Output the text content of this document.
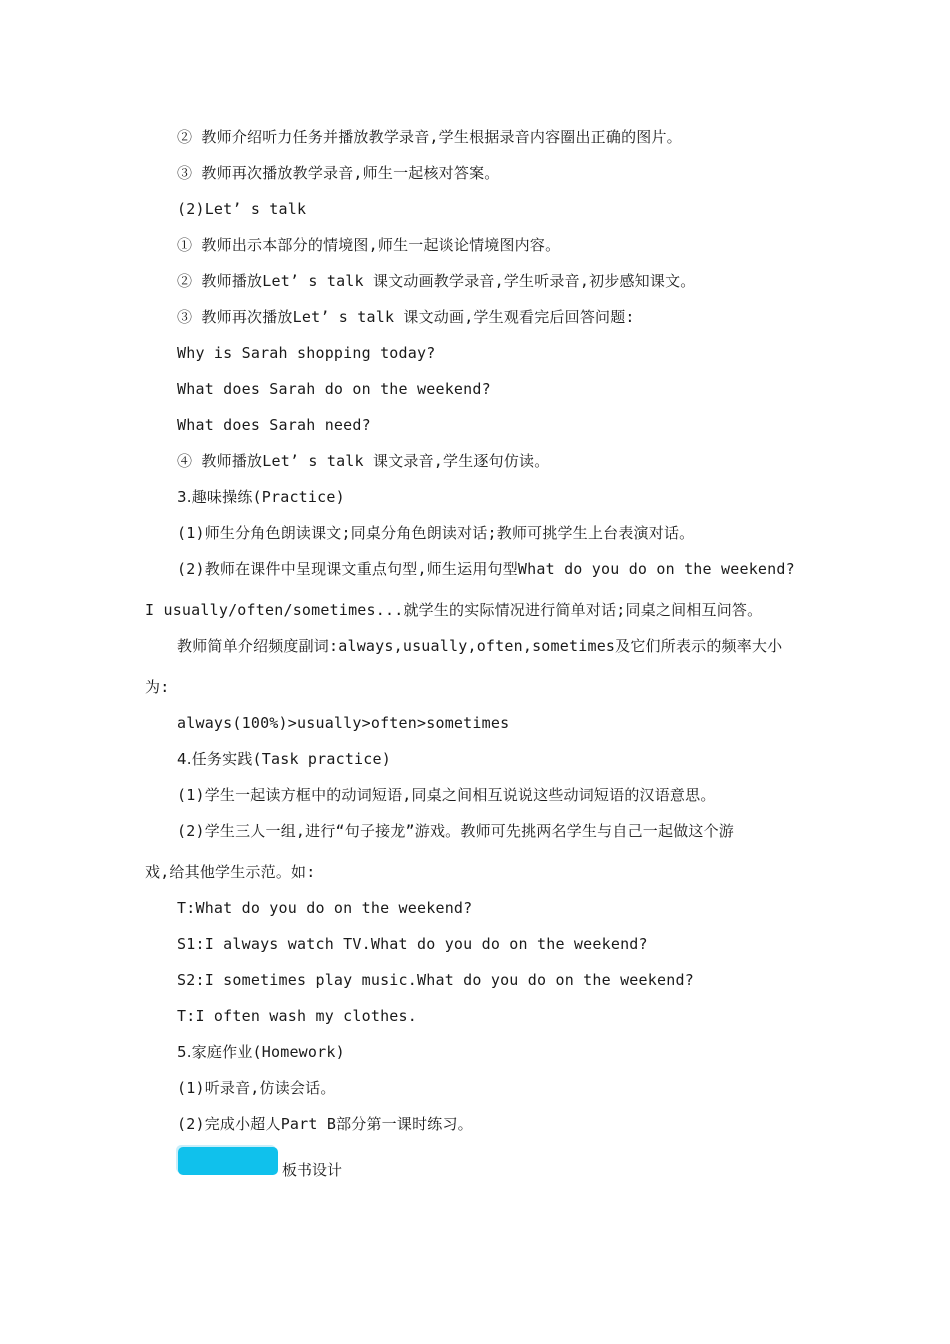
② 教师介绍听力任务并播放教学录音,学生根据录音内容圈出正确的图片。
③ 教师再次播放教学录音,师生一起核对答案。
(2)Let’ s talk
① 教师出示本部分的情境图,师生一起谈论情境图内容。
② 教师播放Let’ s talk 课文动画教学录音,学生听录音,初步感知课文。
③ 教师再次播放Let’ s talk 课文动画,学生观看完后回答问题:
Why is Sarah shopping today?
What does Sarah do on the weekend?
What does Sarah need?
④ 教师播放Let’ s talk 课文录音,学生逐句仿读。
3.趣味操练(Practice)
(1)师生分角色朗读课文;同桌分角色朗读对话;教师可挑学生上台表演对话。
(2)教师在课件中呈现课文重点句型,师生运用句型What do you do on the weekend?
I usually/often/sometimes...就学生的实际情况进行简单对话;同桌之间相互问答。
教师简单介绍频度副词:always,usually,often,sometimes及它们所表示的频率大小
为:
always(100%)>usually>often>sometimes
4.任务实践(Task practice)
(1)学生一起读方框中的动词短语,同桌之间相互说说这些动词短语的汉语意思。
(2)学生三人一组,进行“句子接龙”游戏。教师可先挑两名学生与自己一起做这个游
戏,给其他学生示范。如:
T:What do you do on the weekend?
S1:I always watch TV.What do you do on the weekend?
S2:I sometimes play music.What do you do on the weekend?
T:I often wash my clothes.
5.家庭作业(Homework)
(1)听录音,仿读会话。
(2)完成小超人Part B部分第一课时练习。
板书设计
